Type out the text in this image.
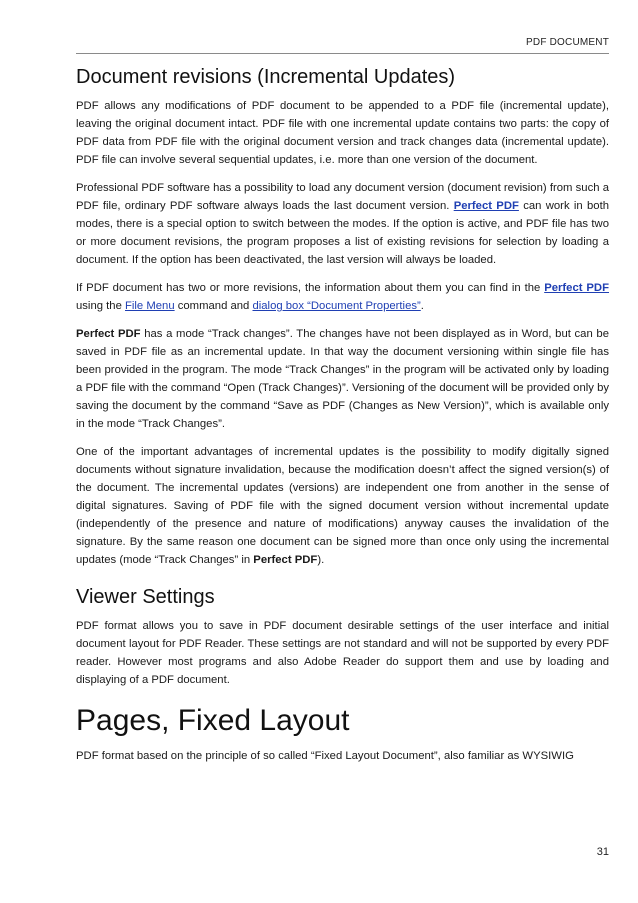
PDF DOCUMENT
Document revisions (Incremental Updates)

PDF allows any modifications of PDF document to be appended to a PDF file (incremental update), leaving the original document intact. PDF file with one incremental update contains two parts: the copy of PDF data from PDF file with the original document version and track changes data (incremental update). PDF file can involve several sequential updates, i.e. more than one version of the document.

Professional PDF software has a possibility to load any document version (document revision) from such a PDF file, ordinary PDF software always loads the last document version. Perfect PDF can work in both modes, there is a special option to switch between the modes. If the option is active, and PDF file has two or more document revisions, the program proposes a list of existing revisions for selection by loading a document. If the option has been deactivated, the last version will always be loaded.

If PDF document has two or more revisions, the information about them you can find in the Perfect PDF using the File Menu command and dialog box “Document Properties”.

Perfect PDF has a mode “Track changes”. The changes have not been displayed as in Word, but can be saved in PDF file as an incremental update. In that way the document versioning within single file has been provided in the program. The mode “Track Changes” in the program will be activated only by loading a PDF file with the command “Open (Track Changes)”. Versioning of the document will be provided only by saving the document by the command “Save as PDF (Changes as New Version)”, which is available only in the mode “Track Changes”.

One of the important advantages of incremental updates is the possibility to modify digitally signed documents without signature invalidation, because the modification doesn’t affect the signed version(s) of the document. The incremental updates (versions) are independent one from another in the sense of digital signatures. Saving of PDF file with the signed document version without incremental update (independently of the presence and nature of modifications) anyway causes the invalidation of the signature. By the same reason one document can be signed more than once only using the incremental updates (mode “Track Changes” in Perfect PDF).

Viewer Settings

PDF format allows you to save in PDF document desirable settings of the user interface and initial document layout for PDF Reader. These settings are not standard and will not be supported by every PDF reader. However most programs and also Adobe Reader do support them and use by loading and displaying of a PDF document.

Pages, Fixed Layout

PDF format based on the principle of so called “Fixed Layout Document”, also familiar as WYSIWIG

31
